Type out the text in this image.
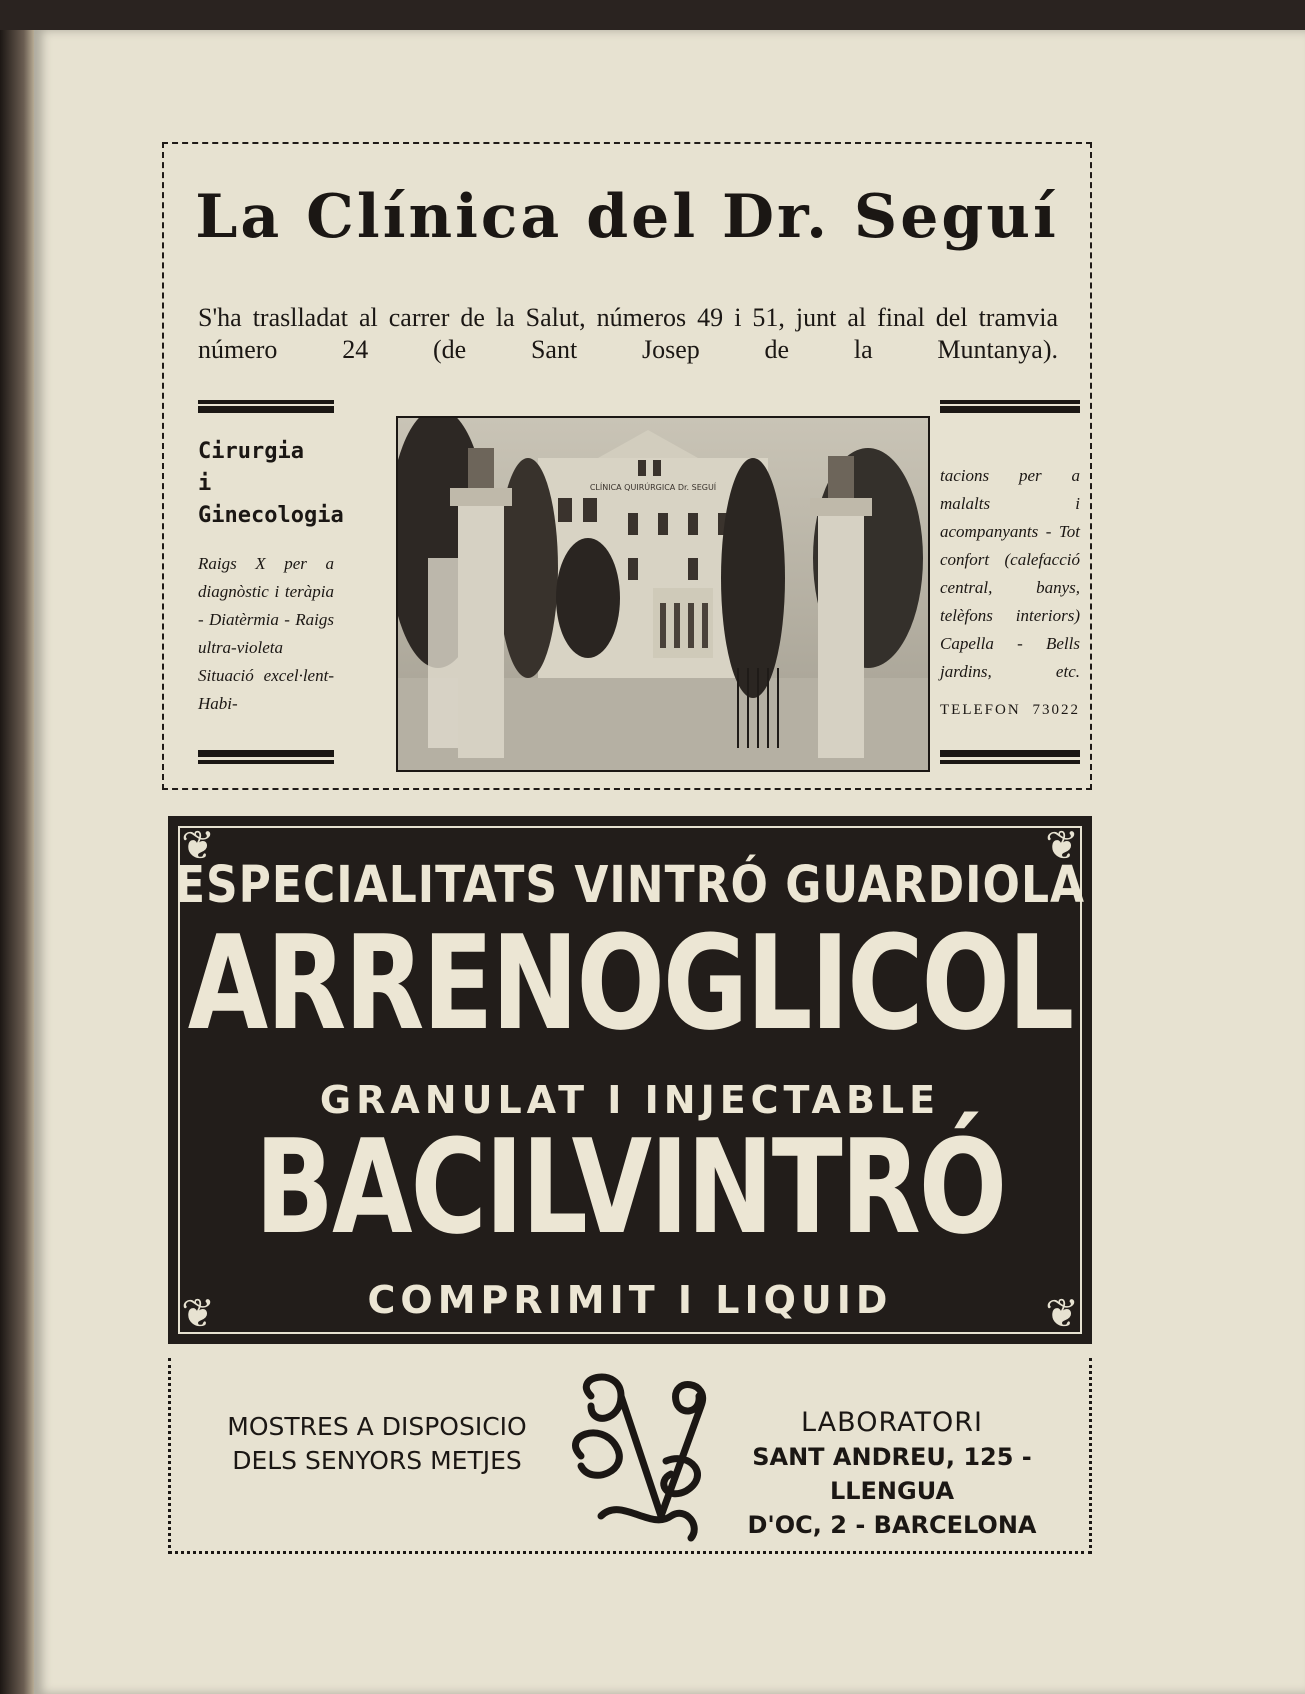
La Clínica del Dr. Seguí
S'ha traslladat al carrer de la Salut, números 49 i 51, junt al final del tramvia número 24 (de Sant Josep de la Muntanya).
Cirurgia
i Ginecologia
Raigs X per a diagnòstic i teràpia - Diatèrmia - Raigs ultra-violeta Situació excel·lent-Habi-
CLÍNICA QUIRÚRGICA Dr. SEGUÍ
tacions per a malalts i acompanyants - Tot confort (calefacció central, banys, telèfons interiors) Capella - Bells jardins, etc.
TELEFON 73022
❦	❦
❦	❦
ESPECIALITATS VINTRÓ GUARDIOLA
ARRENOGLICOL
GRANULAT I INJECTABLE
BACILVINTRÓ
COMPRIMIT I LIQUID
MOSTRES A DISPOSICIO
DELS SENYORS METJES
LABORATORI
SANT ANDREU, 125 - LLENGUA
D'OC, 2 - BARCELONA
